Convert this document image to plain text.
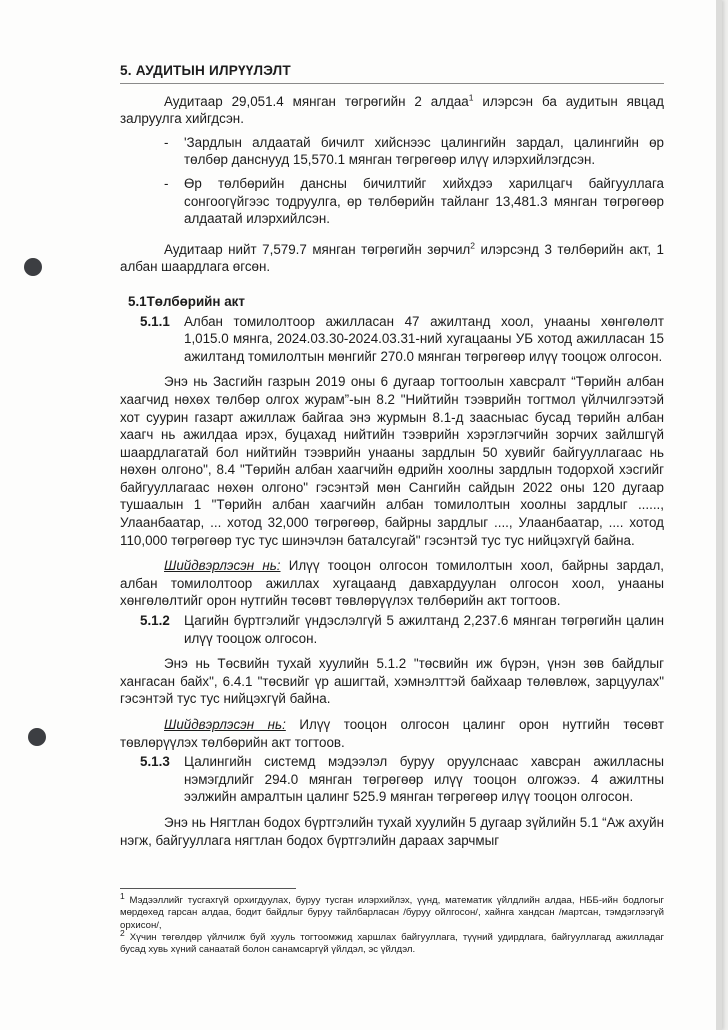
5. АУДИТЫН ИЛРҮҮЛЭЛТ

Аудитаар 29,051.4 мянган төгрөгийн 2 алдаа$^1$ илэрсэн ба аудитын явцад залруулга хийгдсэн.

-	'Зардлын алдаатай бичилт хийснээс цалингийн зардал, цалингийн өр төлбөр данснууд 15,570.1 мянган төгрөгөөр илүү илэрхийлэгдсэн.
-	Өр төлбөрийн дансны бичилтийг хийхдээ харилцагч байгууллага сонгоогүйгээс тодруулга, өр төлбөрийн тайланг 13,481.3 мянган төгрөгөөр алдаатай илэрхийлсэн.

Аудитаар нийт 7,579.7 мянган төгрөгийн зөрчил$^2$ илэрсэнд 3 төлбөрийн акт, 1 албан шаардлага өгсөн.

5.1Төлбөрийн акт
5.1.1	Албан томилолтоор ажилласан 47 ажилтанд хоол, унааны хөнгөлөлт 1,015.0 мянга, 2024.03.30-2024.03.31-ний хугацааны УБ хотод ажилласан 15 ажилтанд томилолтын мөнгийг 270.0 мянган төгрөгөөр илүү тооцож олгосон.

Энэ нь Засгийн газрын 2019 оны 6 дугаар тогтоолын хавсралт “Төрийн албан хаагчид нөхөх төлбөр олгох журам”-ын 8.2 "Нийтийн тээврийн тогтмол үйлчилгээтэй хот суурин газарт ажиллаж байгаа энэ журмын 8.1-д заасныас бусад төрийн албан хаагч нь ажилдаа ирэх, буцахад нийтийн тээврийн хэрэглэгчийн зорчих зайлшгүй шаардлагатай бол нийтийн тээврийн унааны зардлын 50 хувийг байгууллагаас нь нөхөн олгоно", 8.4 "Төрийн албан хаагчийн өдрийн хоолны зардлын тодорхой хэсгийг байгууллагаас нөхөн олгоно" гэсэнтэй мөн Сангийн сайдын 2022 оны 120 дугаар тушаалын 1 "Төрийн албан хаагчийн албан томилолтын хоолны зардлыг ......, Улаанбаатар, ... хотод 32,000 төгрөгөөр, байрны зардлыг ...., Улаанбаатар, .... хотод 110,000 төгрөгөөр тус тус шинэчлэн баталсугай" гэсэнтэй тус тус нийцэхгүй байна.

Шийдвэрлэсэн нь: Илүү тооцон олгосон томилолтын хоол, байрны зардал, албан томилолтоор ажиллах хугацаанд давхардуулан олгосон хоол, унааны хөнгөлөлтийг орон нутгийн төсөвт төвлөрүүлэх төлбөрийн акт тогтоов.

5.1.2	Цагийн бүртгэлийг үндэслэлгүй 5 ажилтанд 2,237.6 мянган төгрөгийн цалин илүү тооцож олгосон.

Энэ нь Төсвийн тухай хуулийн 5.1.2 "төсвийн иж бүрэн, үнэн зөв байдлыг хангасан байх", 6.4.1 "төсвийг үр ашигтай, хэмнэлттэй байхаар төлөвлөж, зарцуулах" гэсэнтэй тус тус нийцэхгүй байна.

Шийдвэрлэсэн нь: Илүү тооцон олгосон цалинг орон нутгийн төсөвт төвлөрүүлэх төлбөрийн акт тогтоов.

5.1.3	Цалингийн системд мэдээлэл буруу оруулснаас хавсран ажилласны нэмэгдлийг 294.0 мянган төгрөгөөр илүү тооцон олгожээ. 4 ажилтны ээлжийн амралтын цалинг 525.9 мянган төгрөгөөр илүү тооцон олгосон.

Энэ нь Нягтлан бодох бүртгэлийн тухай хуулийн 5 дугаар зүйлийн 5.1 “Аж ахуйн нэгж, байгууллага нягтлан бодох бүртгэлийн дараах зарчмыг

$^1$ Мэдээллийг тусгахгүй орхигдуулах, буруу тусган илэрхийлэх, үүнд, математик үйлдлийн алдаа, НББ-ийн бодлогыг мөрдөхөд гарсан алдаа, бодит байдлыг буруу тайлбарласан /буруу ойлгосон/, хайнга хандсан /мартсан, тэмдэглээгүй орхисон/,

$^2$ Хүчин төгөлдөр үйлчилж буй хууль тогтоомжид харшлах байгууллага, түүний удирдлага, байгууллагад ажилладаг бусад хувь хүний санаатай болон санамсаргүй үйлдэл, эс үйлдэл.
